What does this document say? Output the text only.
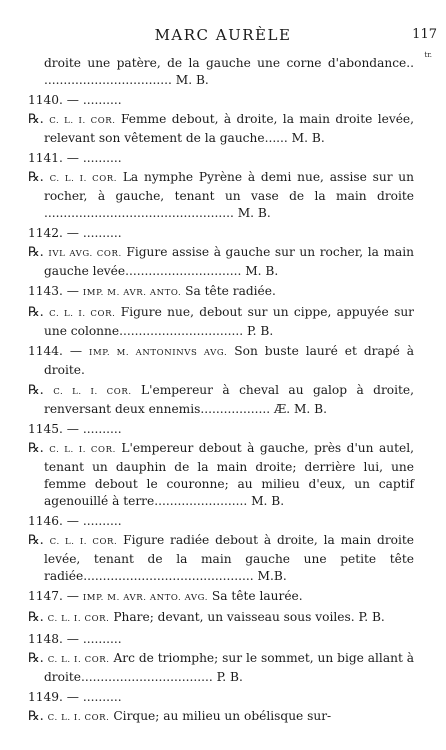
MARC AURÈLE	117
tr.
droite une patère, de la gauche une corne d'abondance.. ................................. M. B.
1140. — ..........
℞. C. L. I. COR. Femme debout, à droite, la main droite levée, relevant son vêtement de la gauche...... M. B.
1141. — ..........
℞. C. L. I. COR. La nymphe Pyrène à demi nue, assise sur un rocher, à gauche, tenant un vase de la main droite ................................................. M. B.
1142. — ..........
℞. IVL AVG. COR. Figure assise à gauche sur un rocher, la main gauche levée.............................. M. B.
1143. — IMP. M. AVR. ANTO. Sa tête radiée.
℞. C. L. I. COR. Figure nue, debout sur un cippe, appuyée sur une colonne................................ P. B.
1144. — IMP. M. ANTONINVS AVG. Son buste lauré et drapé à droite.
℞. C. L. I. COR. L'empereur à cheval au galop à droite, renversant deux ennemis.................. Æ. M. B.
1145. — ..........
℞. C. L. I. COR. L'empereur debout à gauche, près d'un autel, tenant un dauphin de la main droite; derrière lui, une femme debout le couronne; au milieu d'eux, un captif agenouillé à terre........................ M. B.
1146. — ..........
℞. C. L. I. COR. Figure radiée debout à droite, la main droite levée, tenant de la main gauche une petite tête radiée............................................ M.B.
1147. — IMP. M. AVR. ANTO. AVG. Sa tête laurée.
℞. C. L. I. COR. Phare; devant, un vaisseau sous voiles. P. B.
1148. — ..........
℞. C. L. I. COR. Arc de triomphe; sur le sommet, un bige allant à droite.................................. P. B.
1149. — ..........
℞. C. L. I. COR. Cirque; au milieu un obélisque sur-
